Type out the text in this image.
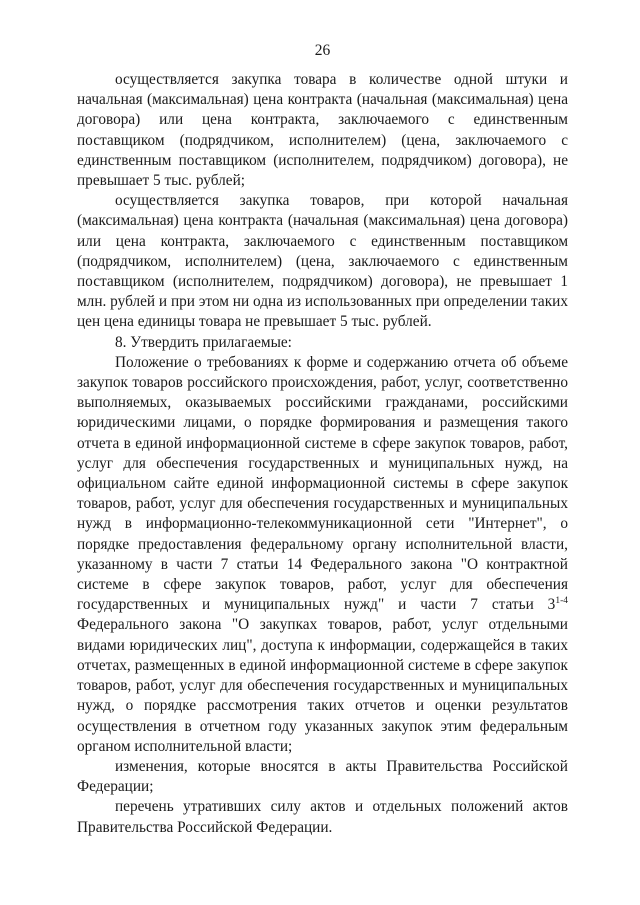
26

осуществляется закупка товара в количестве одной штуки и начальная (максимальная) цена контракта (начальная (максимальная) цена договора) или цена контракта, заключаемого с единственным поставщиком (подрядчиком, исполнителем) (цена, заключаемого с единственным поставщиком (исполнителем, подрядчиком) договора), не превышает 5 тыс. рублей;

осуществляется закупка товаров, при которой начальная (максимальная) цена контракта (начальная (максимальная) цена договора) или цена контракта, заключаемого с единственным поставщиком (подрядчиком, исполнителем) (цена, заключаемого с единственным поставщиком (исполнителем, подрядчиком) договора), не превышает 1 млн. рублей и при этом ни одна из использованных при определении таких цен цена единицы товара не превышает 5 тыс. рублей.

8. Утвердить прилагаемые:

Положение о требованиях к форме и содержанию отчета об объеме закупок товаров российского происхождения, работ, услуг, соответственно выполняемых, оказываемых российскими гражданами, российскими юридическими лицами, о порядке формирования и размещения такого отчета в единой информационной системе в сфере закупок товаров, работ, услуг для обеспечения государственных и муниципальных нужд, на официальном сайте единой информационной системы в сфере закупок товаров, работ, услуг для обеспечения государственных и муниципальных нужд в информационно-телекоммуникационной сети "Интернет", о порядке предоставления федеральному органу исполнительной власти, указанному в части 7 статьи 14 Федерального закона "О контрактной системе в сфере закупок товаров, работ, услуг для обеспечения государственных и муниципальных нужд" и части 7 статьи 3$^{1-4}$ Федерального закона "О закупках товаров, работ, услуг отдельными видами юридических лиц", доступа к информации, содержащейся в таких отчетах, размещенных в единой информационной системе в сфере закупок товаров, работ, услуг для обеспечения государственных и муниципальных нужд, о порядке рассмотрения таких отчетов и оценки результатов осуществления в отчетном году указанных закупок этим федеральным органом исполнительной власти;

изменения, которые вносятся в акты Правительства Российской Федерации;

перечень утративших силу актов и отдельных положений актов Правительства Российской Федерации.
